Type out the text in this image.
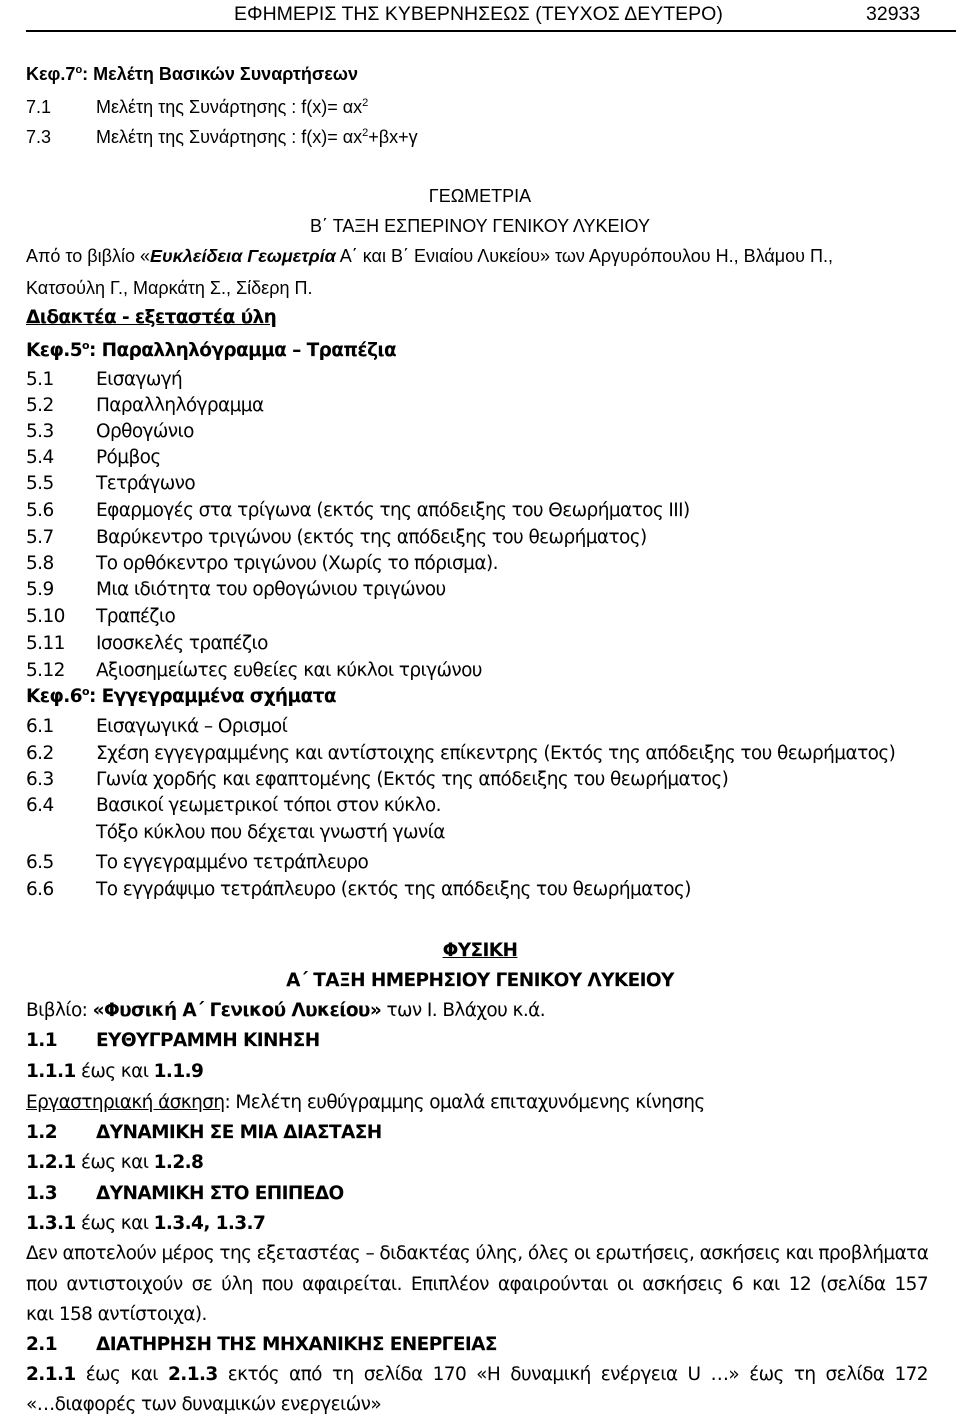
ΕΦΗΜΕΡΙΣ ΤΗΣ ΚΥΒΕΡΝΗΣΕΩΣ (ΤΕΥΧΟΣ ΔΕΥΤΕΡΟ)	32933
$K\varepsilon\varphi.7^o$: Μελέτη Βασικών Συναρτήσεων
7.1 Μελέτη της Συνάρτησης : $f(x)= \alpha x^2$
7.3 Μελέτη της Συνάρτησης : $f(x)= \alpha x^2+\beta x+\gamma$
ΓΕΩΜΕΤΡΙΑ
Β΄ ΤΑΞΗ ΕΣΠΕΡΙΝΟΥ ΓΕΝΙΚΟΥ ΛΥΚΕΙΟΥ
Από το βιβλίο «Ευκλείδεια Γεωμετρία Α΄ και Β΄ Ενιαίου Λυκείου» των Αργυρόπουλου Η., Βλάμου Π.,
Κατσούλη Γ., Μαρκάτη Σ., Σίδερη Π.
Διδακτέα - εξεταστέα ύλη
$K\varepsilon\varphi.5^o$: Παραλληλόγραμμα – Τραπέζια
5.1 Εισαγωγή
5.2 Παραλληλόγραμμα
5.3 Ορθογώνιο
5.4 Ρόμβος
5.5 Τετράγωνο
5.6 Εφαρμογές στα τρίγωνα (εκτός της απόδειξης του Θεωρήματος ΙΙΙ)
5.7 Βαρύκεντρο τριγώνου (εκτός της απόδειξης του θεωρήματος)
5.8 Το ορθόκεντρο τριγώνου (Χωρίς το πόρισμα).
5.9 Μια ιδιότητα του ορθογώνιου τριγώνου
5.10 Τραπέζιο
5.11 Ισοσκελές τραπέζιο
5.12 Αξιοσημείωτες ευθείες και κύκλοι τριγώνου
$K\varepsilon\varphi.6^o$: Εγγεγραμμένα σχήματα
6.1 Εισαγωγικά – Ορισμοί
6.2 Σχέση εγγεγραμμένης και αντίστοιχης επίκεντρης (Εκτός της απόδειξης του θεωρήματος)
6.3 Γωνία χορδής και εφαπτομένης (Εκτός της απόδειξης του θεωρήματος)
6.4 Βασικοί γεωμετρικοί τόποι στον κύκλο.
Τόξο κύκλου που δέχεται γνωστή γωνία
6.5 Το εγγεγραμμένο τετράπλευρο
6.6 Το εγγράψιμο τετράπλευρο (εκτός της απόδειξης του θεωρήματος)
ΦΥΣΙΚΗ
Α΄ ΤΑΞΗ ΗΜΕΡΗΣΙΟΥ ΓΕΝΙΚΟΥ ΛΥΚΕΙΟΥ
Βιβλίο: «Φυσική Α΄ Γενικού Λυκείου» των Ι. Βλάχου κ.ά.
1.1 ΕΥΘΥΓΡΑΜΜΗ ΚΙΝΗΣΗ
1.1.1 έως και 1.1.9
Εργαστηριακή άσκηση: Μελέτη ευθύγραμμης ομαλά επιταχυνόμενης κίνησης
1.2 ΔΥΝΑΜΙΚΗ ΣΕ ΜΙΑ ΔΙΑΣΤΑΣΗ
1.2.1 έως και 1.2.8
1.3 ΔΥΝΑΜΙΚΗ ΣΤΟ ΕΠΙΠΕΔΟ
1.3.1 έως και 1.3.4, 1.3.7
Δεν αποτελούν μέρος της εξεταστέας – διδακτέας ύλης, όλες οι ερωτήσεις, ασκήσεις και προβλήματα
που αντιστοιχούν σε ύλη που αφαιρείται. Επιπλέον αφαιρούνται οι ασκήσεις 6 και 12 (σελίδα 157
και 158 αντίστοιχα).
2.1 ΔΙΑΤΗΡΗΣΗ ΤΗΣ ΜΗΧΑΝΙΚΗΣ ΕΝΕΡΓΕΙΑΣ
2.1.1 έως και 2.1.3 εκτός από τη σελίδα 170 «Η δυναμική ενέργεια U …» έως τη σελίδα 172
«…διαφορές των δυναμικών ενεργειών»
